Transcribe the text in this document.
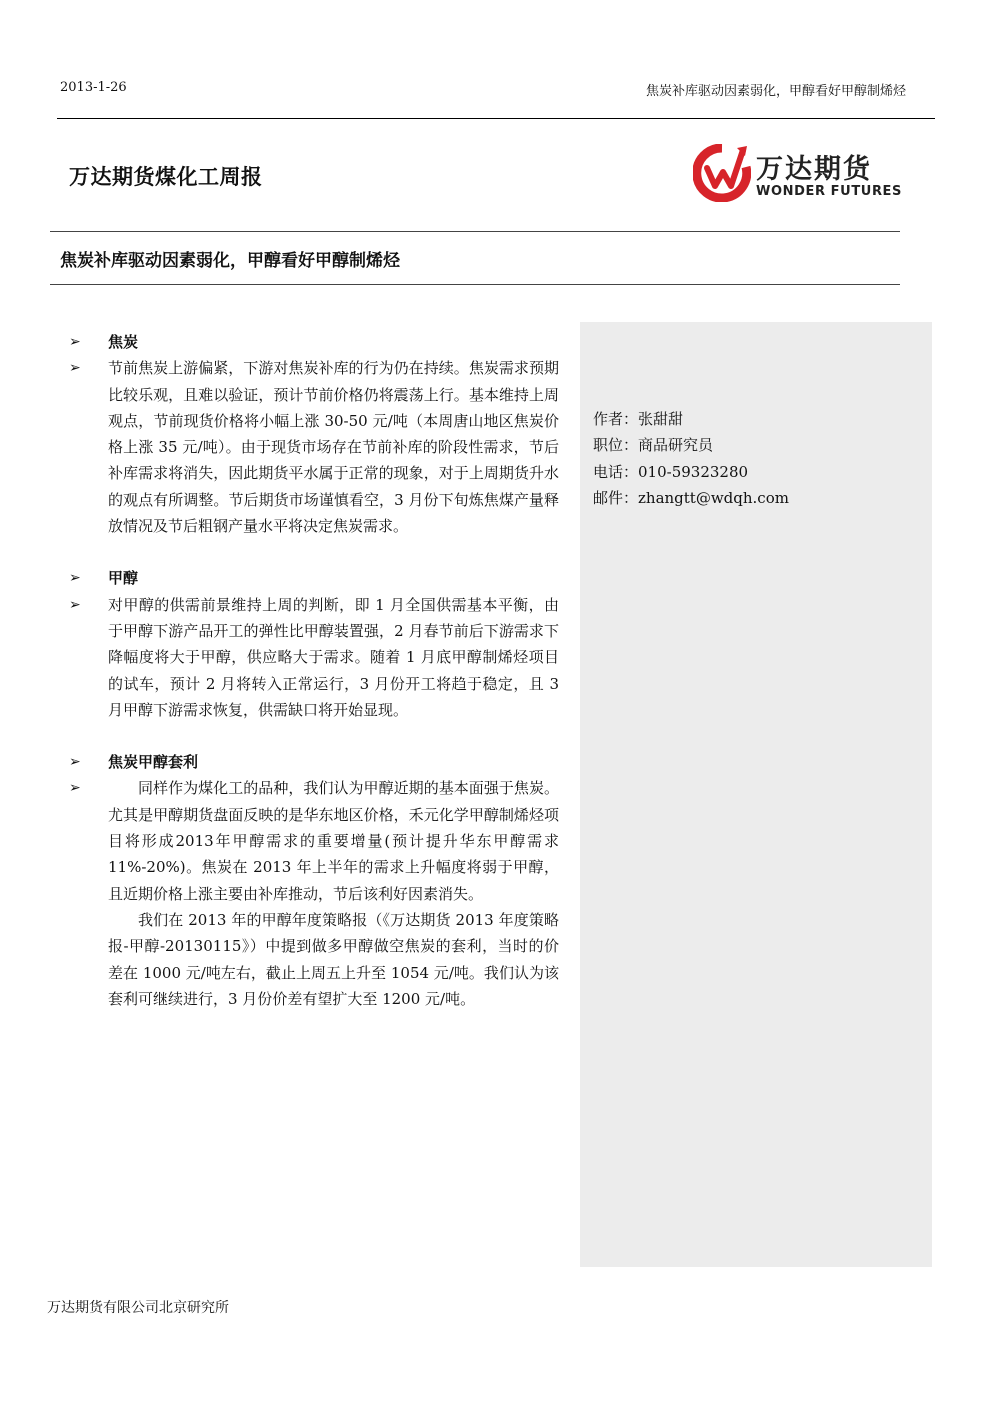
2013-1-26	焦炭补库驱动因素弱化，甲醇看好甲醇制烯烃
万达期货煤化工周报	万达期货
WONDER FUTURES
焦炭补库驱动因素弱化，甲醇看好甲醇制烯烃
➢ 焦炭
➢ 节前焦炭上游偏紧，下游对焦炭补库的行为仍在持续。焦炭需求预期比较乐观，且难以验证，预计节前价格仍将震荡上行。基本维持上周观点，节前现货价格将小幅上涨 30-50 元/吨（本周唐山地区焦炭价格上涨 35 元/吨）。由于现货市场存在节前补库的阶段性需求，节后补库需求将消失，因此期货平水属于正常的现象，对于上周期货升水的观点有所调整。节后期货市场谨慎看空，3 月份下旬炼焦煤产量释放情况及节后粗钢产量水平将决定焦炭需求。
➢ 甲醇
➢ 对甲醇的供需前景维持上周的判断，即 1 月全国供需基本平衡，由于甲醇下游产品开工的弹性比甲醇装置强，2 月春节前后下游需求下降幅度将大于甲醇，供应略大于需求。随着 1 月底甲醇制烯烃项目的试车，预计 2 月将转入正常运行，3 月份开工将趋于稳定，且 3 月甲醇下游需求恢复，供需缺口将开始显现。
➢ 焦炭甲醇套利
➢	同样作为煤化工的品种，我们认为甲醇近期的基本面强于焦炭。尤其是甲醇期货盘面反映的是华东地区价格，禾元化学甲醇制烯烃项目将形成2013年甲醇需求的重要增量(预计提升华东甲醇需求 11%-20%)。焦炭在 2013 年上半年的需求上升幅度将弱于甲醇，且近期价格上涨主要由补库推动，节后该利好因素消失。
我们在 2013 年的甲醇年度策略报（《万达期货 2013 年度策略报-甲醇-20130115》）中提到做多甲醇做空焦炭的套利，当时的价差在 1000 元/吨左右，截止上周五上升至 1054 元/吨。我们认为该套利可继续进行，3 月份价差有望扩大至 1200 元/吨。
作者：张甜甜
职位：商品研究员
电话：010-59323280
邮件：zhangtt@wdqh.com
万达期货有限公司北京研究所
